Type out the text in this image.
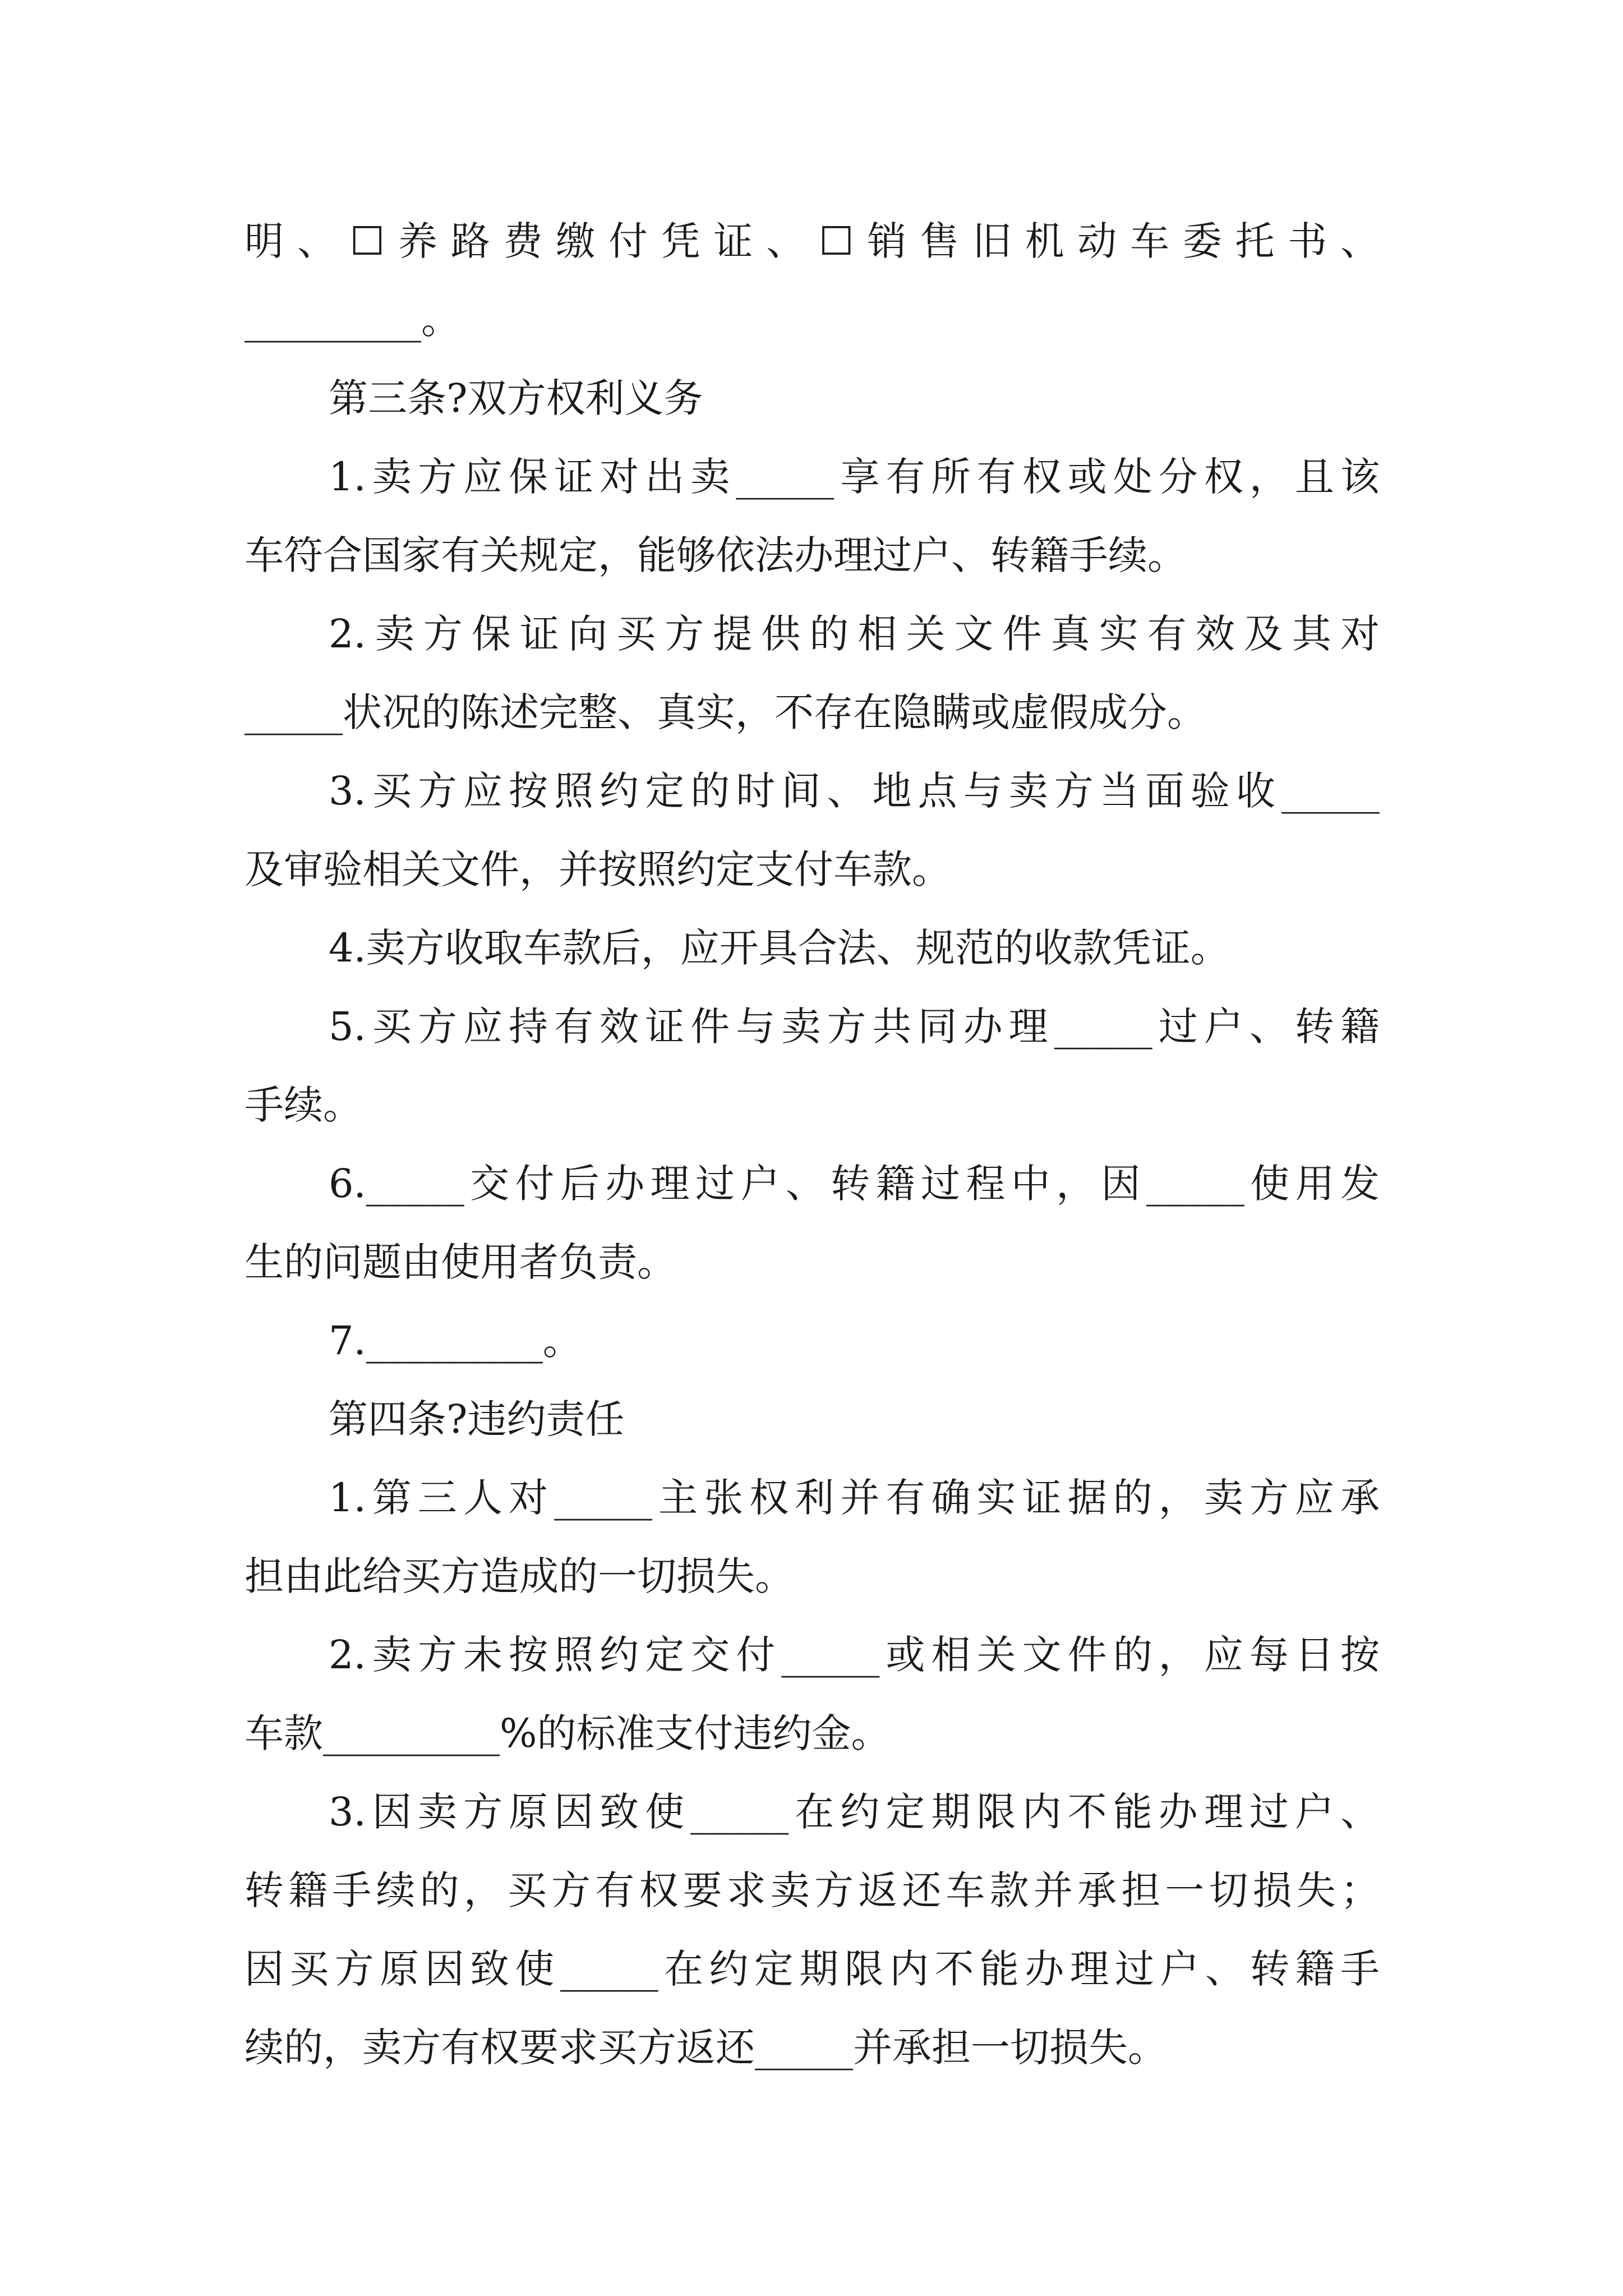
明、☐养路费缴付凭证、☐销售旧机动车委托书、
_________。
第三条?双方权利义务
1.卖方应保证对出卖_____享有所有权或处分权，且该
车符合国家有关规定，能够依法办理过户、转籍手续。
2.卖方保证向买方提供的相关文件真实有效及其对
_____状况的陈述完整、真实，不存在隐瞒或虚假成分。
3.买方应按照约定的时间、地点与卖方当面验收_____
及审验相关文件，并按照约定支付车款。
4.卖方收取车款后，应开具合法、规范的收款凭证。
5.买方应持有效证件与卖方共同办理_____过户、转籍
手续。
6._____交付后办理过户、转籍过程中，因_____使用发
生的问题由使用者负责。
7._________。
第四条?违约责任
1.第三人对_____主张权利并有确实证据的，卖方应承
担由此给买方造成的一切损失。
2.卖方未按照约定交付_____或相关文件的，应每日按
车款_________%的标准支付违约金。
3.因卖方原因致使_____在约定期限内不能办理过户、
转籍手续的，买方有权要求卖方返还车款并承担一切损失；
因买方原因致使_____在约定期限内不能办理过户、转籍手
续的，卖方有权要求买方返还_____并承担一切损失。
